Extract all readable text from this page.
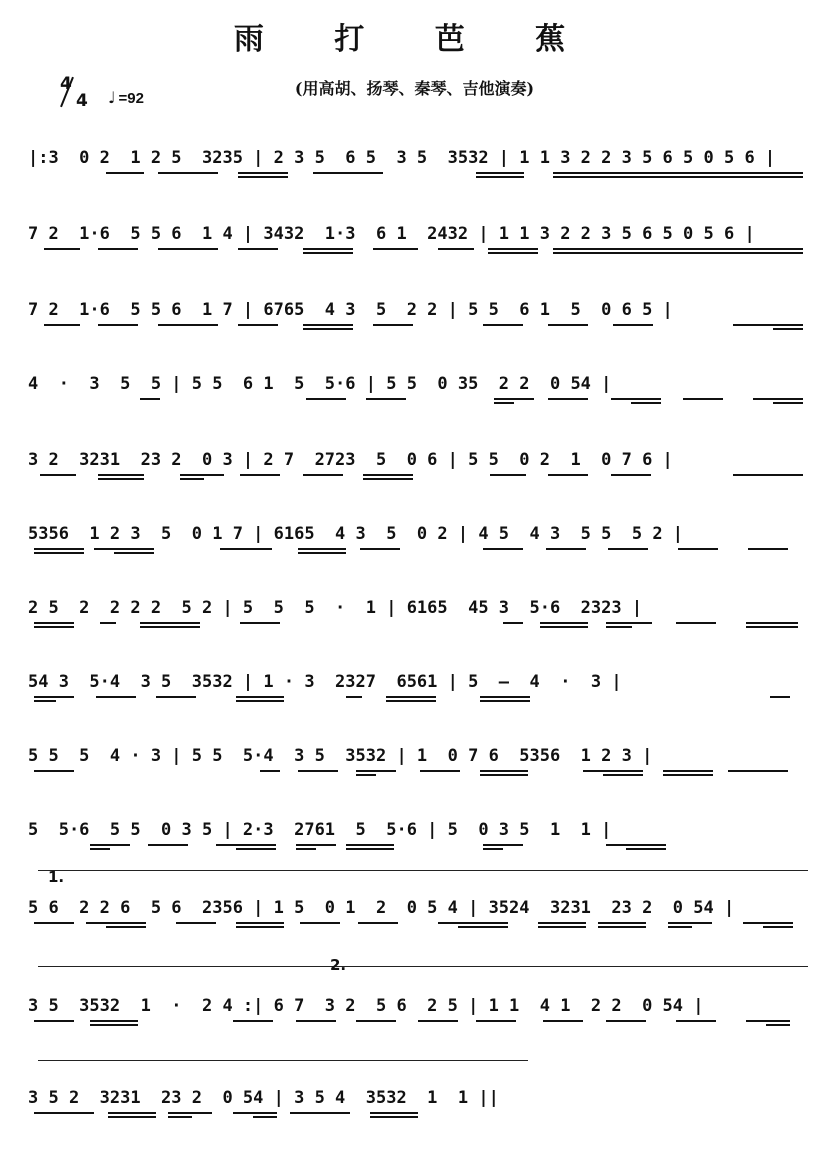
雨 打 芭 蕉
(用高胡、扬琴、秦琴、吉他演奏)
4
4 ♩ =92
|:3  0 2  1 2 5  3235 | 2 3 5  6 5  3 5  3532 | 1 1 3 2 2 3 5 6 5 0 5 6 |
7 2  1·6  5 5 6  1 4 | 3432  1·3  6 1  2432 | 1 1 3 2 2 3 5 6 5 0 5 6 |
7 2  1·6  5 5 6  1 7 | 6765  4 3  5  2 2 | 5 5  6 1  5  0 6 5 |
4  ·  3  5  5 | 5 5  6 1  5  5·6 | 5 5  0 35  2 2  0 54 |
3 2  3231  23 2  0 3 | 2 7  2723  5  0 6 | 5 5  0 2  1  0 7 6 |
5356  1 2 3  5  0 1 7 | 6165  4 3  5  0 2 | 4 5  4 3  5 5  5 2 |
2 5  2  2 2 2  5 2 | 5  5  5  ·  1 | 6165  45 3  5·6  2323 |
54 3  5·4  3 5  3532 | 1 · 3  2327  6561 | 5  —  4  ·  3 |
5 5  5  4 · 3 | 5 5  5·4  3 5  3532 | 1  0 7 6  5356  1 2 3 |
5  5·6  5 5  0 3 5 | 2·3  2761  5  5·6 | 5  0 3 5  1  1 |
1.
5 6  2 2 6  5 6  2356 | 1 5  0 1  2  0 5 4 | 3524  3231  23 2  0 54 |
2.
3 5  3532  1  ·  2 4 :| 6 7  3 2  5 6  2 5 | 1 1  4 1  2 2  0 54 |
3 5 2  3231  23 2  0 54 | 3 5 4  3532  1  1 ||
